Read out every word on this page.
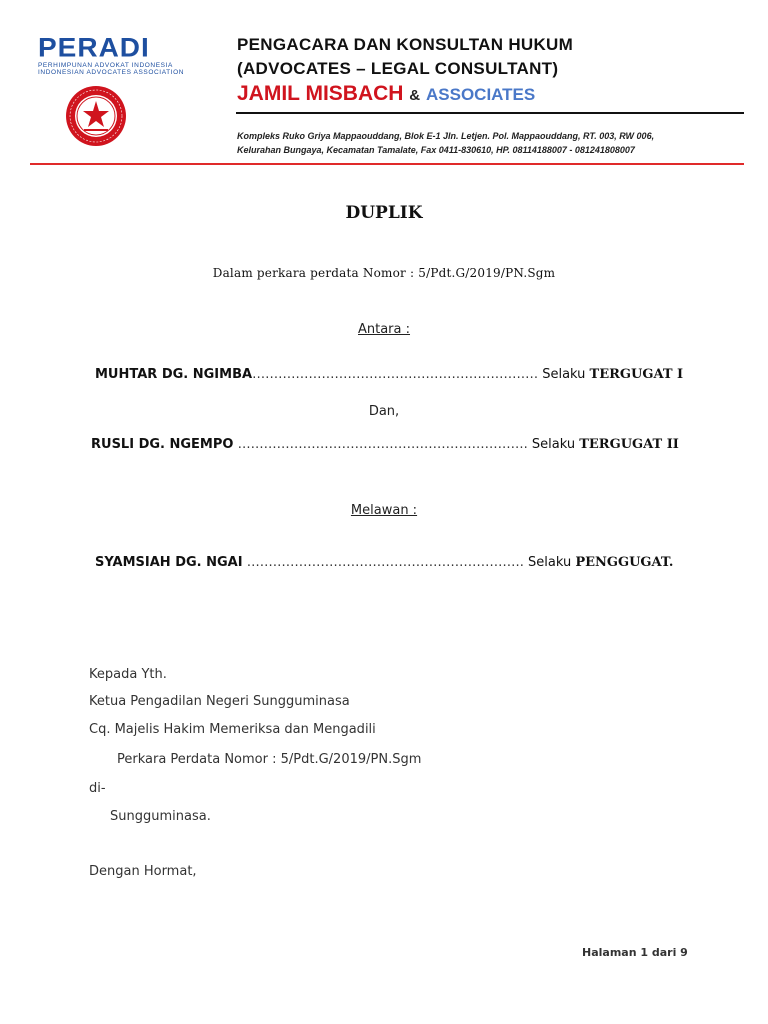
PERADI
PERHIMPUNAN ADVOKAT INDONESIA
INDONESIAN ADVOCATES ASSOCIATION
PENGACARA DAN KONSULTAN HUKUM
(ADVOCATES – LEGAL CONSULTANT)
JAMIL MISBACH & ASSOCIATES
Kompleks Ruko Griya Mappaouddang, Blok E-1 Jln. Letjen. Pol. Mappaouddang, RT. 003, RW 006,
Kelurahan Bungaya, Kecamatan Tamalate, Fax 0411-830610, HP. 08114188007 - 081241808007
DUPLIK
Dalam perkara perdata Nomor : 5/Pdt.G/2019/PN.Sgm
Antara :
MUHTAR DG. NGIMBA………………………………………………………… Selaku TERGUGAT I
Dan,
RUSLI DG. NGEMPO …………………………………………………………. Selaku TERGUGAT II
Melawan :
SYAMSIAH DG. NGAI ………………………………………………………. Selaku PENGGUGAT.
Kepada Yth.
Ketua Pengadilan Negeri Sungguminasa
Cq. Majelis Hakim Memeriksa dan Mengadili
Perkara Perdata Nomor : 5/Pdt.G/2019/PN.Sgm
di-
Sungguminasa.
Dengan Hormat,
Halaman 1 dari 9
